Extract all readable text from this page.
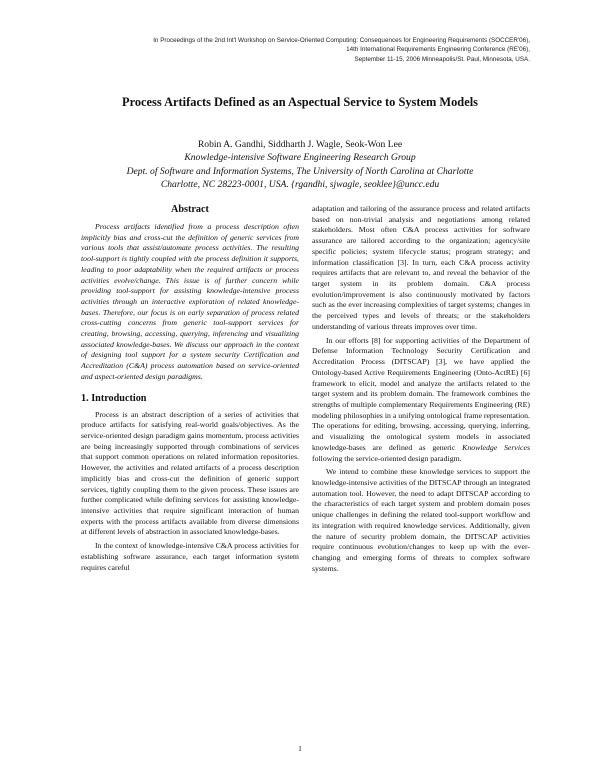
In Proceedings of the 2nd Int'l Workshop on Service-Oriented Computing: Consequences for Engineering Requirements (SOCCER'06),
14th International Requirements Engineering Conference (RE'06),
September 11-15, 2006 Minneapolis/St. Paul, Minnesota, USA.
Process Artifacts Defined as an Aspectual Service to System Models
Robin A. Gandhi, Siddharth J. Wagle, Seok-Won Lee
Knowledge-intensive Software Engineering Research Group
Dept. of Software and Information Systems, The University of North Carolina at Charlotte
Charlotte, NC 28223-0001, USA. {rgandhi, sjwagle, seoklee}@uncc.edu
Abstract

Process artifacts identified from a process description often implicitly bias and cross-cut the definition of generic services from various tools that assist/automate process activities. The resulting tool-support is tightly coupled with the process definition it supports, leading to poor adaptability when the required artifacts or process activities evolve/change. This issue is of further concern while providing tool-support for assisting knowledge-intensive process activities through an interactive exploration of related knowledge-bases. Therefore, our focus is on early separation of process related cross-cutting concerns from generic tool-support services for creating, browsing, accessing, querying, inferencing and visualizing associated knowledge-bases. We discuss our approach in the context of designing tool support for a system security Certification and Accreditation (C&A) process automation based on service-oriented and aspect-oriented design paradigms.

1. Introduction

Process is an abstract description of a series of activities that produce artifacts for satisfying real-world goals/objectives. As the service-oriented design paradigm gains momentum, process activities are being increasingly supported through combinations of services that support common operations on related information repositories. However, the activities and related artifacts of a process description implicitly bias and cross-cut the definition of generic support services, tightly coupling them to the given process. These issues are further complicated while defining services for assisting knowledge-intensive activities that require significant interaction of human experts with the process artifacts available from diverse dimensions at different levels of abstraction in associated knowledge-bases.

In the context of knowledge-intensive C&A process activities for establishing software assurance, each target information system requires careful

adaptation and tailoring of the assurance process and related artifacts based on non-trivial analysis and negotiations among related stakeholders. Most often C&A process activities for software assurance are tailored according to the organization; agency/site specific policies; system lifecycle status; program strategy; and information classification [3]. In turn, each C&A process activity requires artifacts that are relevant to, and reveal the behavior of the target system in its problem domain. C&A process evolution/improvement is also continuously motivated by factors such as the ever increasing complexities of target systems; changes in the perceived types and levels of threats; or the stakeholders understanding of various threats improves over time.

In our efforts [8] for supporting activities of the Department of Defense Information Technology Security Certification and Accreditation Process (DITSCAP) [3], we have applied the Ontology-based Active Requirements Engineering (Onto-ActRE) [6] framework to elicit, model and analyze the artifacts related to the target system and its problem domain. The framework combines the strengths of multiple complementary Requirements Engineering (RE) modeling philosophies in a unifying ontological frame representation. The operations for editing, browsing, accessing, querying, inferring, and visualizing the ontological system models in associated knowledge-bases are defined as generic Knowledge Services following the service-oriented design paradigm.

We intend to combine these knowledge services to support the knowledge-intensive activities of the DITSCAP through an integrated automation tool. However, the need to adapt DITSCAP according to the characteristics of each target system and problem domain poses unique challenges in defining the related tool-support workflow and its integration with required knowledge services. Additionally, given the nature of security problem domain, the DITSCAP activities require continuous evolution/changes to keep up with the ever-changing and emerging forms of threats to complex software systems.

1
